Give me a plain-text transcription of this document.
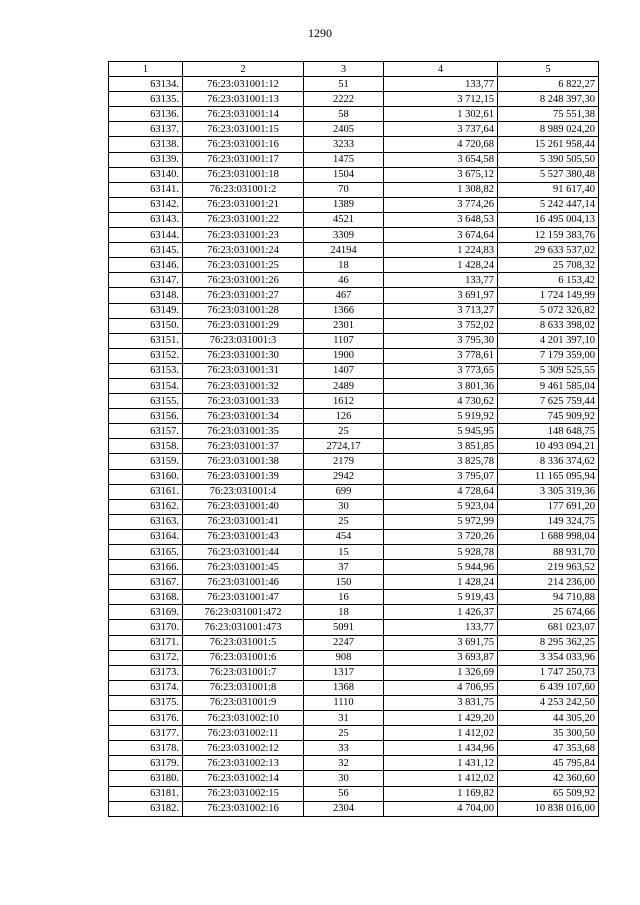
1290
1	2	3	4	5
63134.	76:23:031001:12	51	133,77	6 822,27
63135.	76:23:031001:13	2222	3 712,15	8 248 397,30
63136.	76:23:031001:14	58	1 302,61	75 551,38
63137.	76:23:031001:15	2405	3 737,64	8 989 024,20
63138.	76:23:031001:16	3233	4 720,68	15 261 958,44
63139.	76:23:031001:17	1475	3 654,58	5 390 505,50
63140.	76:23:031001:18	1504	3 675,12	5 527 380,48
63141.	76:23:031001:2	70	1 308,82	91 617,40
63142.	76:23:031001:21	1389	3 774,26	5 242 447,14
63143.	76:23:031001:22	4521	3 648,53	16 495 004,13
63144.	76:23:031001:23	3309	3 674,64	12 159 383,76
63145.	76:23:031001:24	24194	1 224,83	29 633 537,02
63146.	76:23:031001:25	18	1 428,24	25 708,32
63147.	76:23:031001:26	46	133,77	6 153,42
63148.	76:23:031001:27	467	3 691,97	1 724 149,99
63149.	76:23:031001:28	1366	3 713,27	5 072 326,82
63150.	76:23:031001:29	2301	3 752,02	8 633 398,02
63151.	76:23:031001:3	1107	3 795,30	4 201 397,10
63152.	76:23:031001:30	1900	3 778,61	7 179 359,00
63153.	76:23:031001:31	1407	3 773,65	5 309 525,55
63154.	76:23:031001:32	2489	3 801,36	9 461 585,04
63155.	76:23:031001:33	1612	4 730,62	7 625 759,44
63156.	76:23:031001:34	126	5 919,92	745 909,92
63157.	76:23:031001:35	25	5 945,95	148 648,75
63158.	76:23:031001:37	2724,17	3 851,85	10 493 094,21
63159.	76:23:031001:38	2179	3 825,78	8 336 374,62
63160.	76:23:031001:39	2942	3 795,07	11 165 095,94
63161.	76:23:031001:4	699	4 728,64	3 305 319,36
63162.	76:23:031001:40	30	5 923,04	177 691,20
63163.	76:23:031001:41	25	5 972,99	149 324,75
63164.	76:23:031001:43	454	3 720,26	1 688 998,04
63165.	76:23:031001:44	15	5 928,78	88 931,70
63166.	76:23:031001:45	37	5 944,96	219 963,52
63167.	76:23:031001:46	150	1 428,24	214 236,00
63168.	76:23:031001:47	16	5 919,43	94 710,88
63169.	76:23:031001:472	18	1 426,37	25 674,66
63170.	76:23:031001:473	5091	133,77	681 023,07
63171.	76:23:031001:5	2247	3 691,75	8 295 362,25
63172.	76:23:031001:6	908	3 693,87	3 354 033,96
63173.	76:23:031001:7	1317	1 326,69	1 747 250,73
63174.	76:23:031001:8	1368	4 706,95	6 439 107,60
63175.	76:23:031001:9	1110	3 831,75	4 253 242,50
63176.	76:23:031002:10	31	1 429,20	44 305,20
63177.	76:23:031002:11	25	1 412,02	35 300,50
63178.	76:23:031002:12	33	1 434,96	47 353,68
63179.	76:23:031002:13	32	1 431,12	45 795,84
63180.	76:23:031002:14	30	1 412,02	42 360,60
63181.	76:23:031002:15	56	1 169,82	65 509,92
63182.	76:23:031002:16	2304	4 704,00	10 838 016,00
